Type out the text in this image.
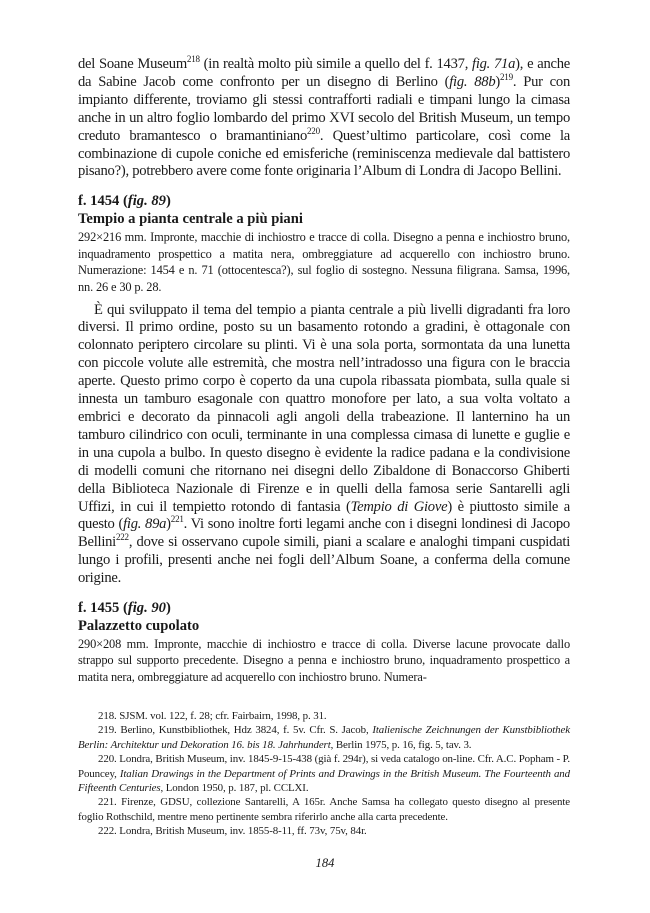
del Soane Museum$^{218}$ (in realtà molto più simile a quello del f. 1437, fig. 71a), e anche da Sabine Jacob come confronto per un disegno di Berlino (fig. 88b)$^{219}$. Pur con impianto differente, troviamo gli stessi contrafforti radiali e timpani lungo la cimasa anche in un altro foglio lombardo del primo XVI secolo del British Museum, un tempo creduto bramantesco o bramantiniano$^{220}$. Quest’ultimo particolare, così come la combinazione di cupole coniche ed emisferiche (reminiscenza medievale dal battistero pisano?), potrebbero avere come fonte originaria l’Album di Londra di Jacopo Bellini.

f. 1454 (fig. 89)
Tempio a pianta centrale a più piani

292×216 mm. Impronte, macchie di inchiostro e tracce di colla. Disegno a penna e inchiostro bruno, inquadramento prospettico a matita nera, ombreggiature ad acquerello con inchiostro bruno. Numerazione: 1454 e n. 71 (ottocentesca?), sul foglio di sostegno. Nessuna filigrana. Samsa, 1996, nn. 26 e 30 p. 28.

È qui sviluppato il tema del tempio a pianta centrale a più livelli digradanti fra loro diversi. Il primo ordine, posto su un basamento rotondo a gradini, è ottagonale con colonnato periptero circolare su plinti. Vi è una sola porta, sormontata da una lunetta con piccole volute alle estremità, che mostra nell’intradosso una figura con le braccia aperte. Questo primo corpo è coperto da una cupola ribassata piombata, sulla quale si innesta un tamburo esagonale con quattro monofore per lato, a sua volta voltato a embrici e decorato da pinnacoli agli angoli della trabeazione. Il lanternino ha un tamburo cilindrico con oculi, terminante in una complessa cimasa di lunette e guglie e in una cupola a bulbo. In questo disegno è evidente la radice padana e la condivisione di modelli comuni che ritornano nei disegni dello Zibaldone di Bonaccorso Ghiberti della Biblioteca Nazionale di Firenze e in quelli della famosa serie Santarelli agli Uffizi, in cui il tempietto rotondo di fantasia (Tempio di Giove) è piuttosto simile a questo (fig. 89a)$^{221}$. Vi sono inoltre forti legami anche con i disegni londinesi di Jacopo Bellini$^{222}$, dove si osservano cupole simili, piani a scalare e analoghi timpani cuspidati lungo i profili, presenti anche nei fogli dell’Album Soane, a conferma della comune origine.

f. 1455 (fig. 90)
Palazzetto cupolato

290×208 mm. Impronte, macchie di inchiostro e tracce di colla. Diverse lacune provocate dallo strappo sul supporto precedente. Disegno a penna e inchiostro bruno, inquadramento prospettico a matita nera, ombreggiature ad acquerello con inchiostro bruno. Numera-

218. SJSM. vol. 122, f. 28; cfr. Fairbairn, 1998, p. 31.

219. Berlino, Kunstbibliothek, Hdz 3824, f. 5v. Cfr. S. Jacob, Italienische Zeichnungen der Kunstbibliothek Berlin: Architektur und Dekoration 16. bis 18. Jahrhundert, Berlin 1975, p. 16, fig. 5, tav. 3.

220. Londra, British Museum, inv. 1845-9-15-438 (già f. 294r), si veda catalogo on-line. Cfr. A.C. Popham - P. Pouncey, Italian Drawings in the Department of Prints and Drawings in the British Museum. The Fourteenth and Fifteenth Centuries, London 1950, p. 187, pl. CCLXI.

221. Firenze, GDSU, collezione Santarelli, A 165r. Anche Samsa ha collegato questo disegno al presente foglio Rothschild, mentre meno pertinente sembra riferirlo anche alla carta precedente.

222. Londra, British Museum, inv. 1855-8-11, ff. 73v, 75v, 84r.

184
